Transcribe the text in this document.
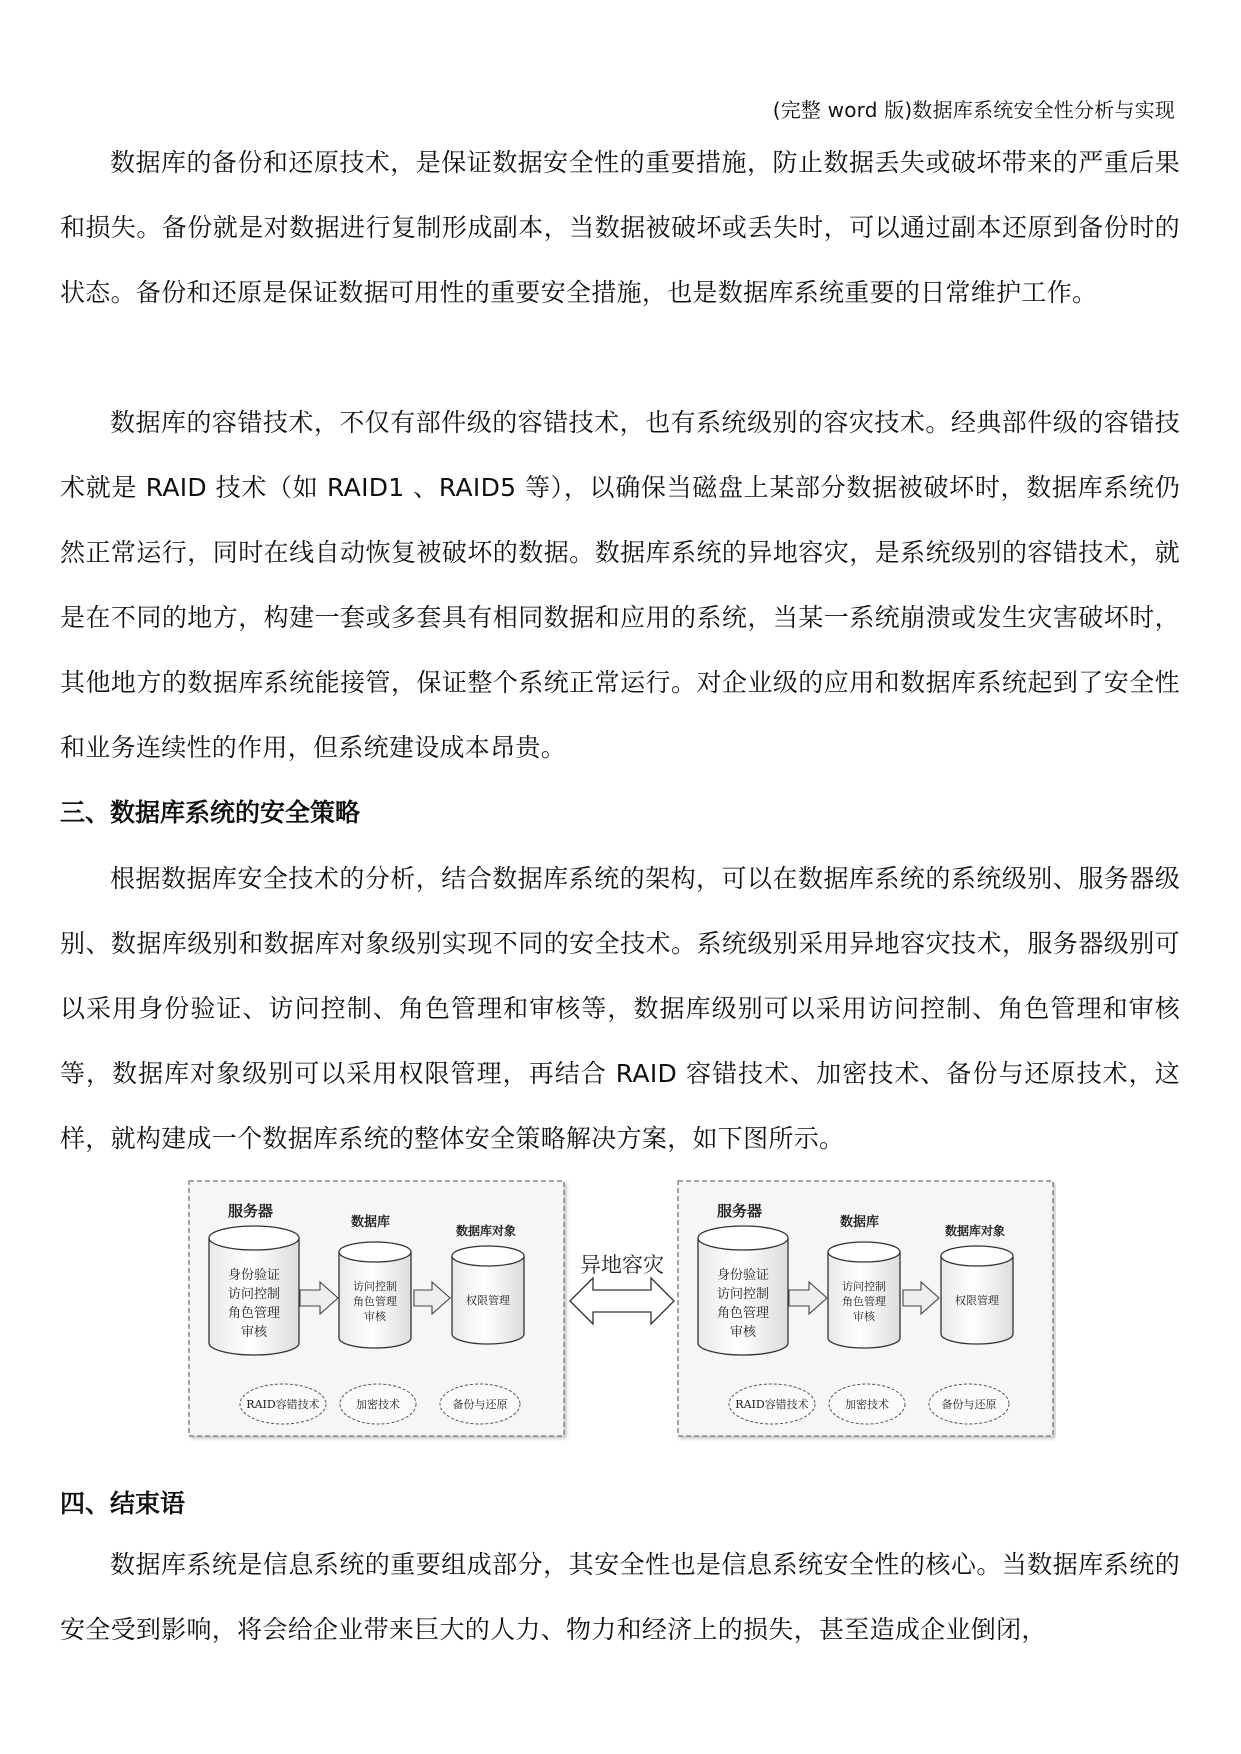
(完整 word 版)数据库系统安全性分析与实现

数据库的备份和还原技术，是保证数据安全性的重要措施，防止数据丢失或破坏带来的严重后果和损失。备份就是对数据进行复制形成副本，当数据被破坏或丢失时，可以通过副本还原到备份时的状态。备份和还原是保证数据可用性的重要安全措施，也是数据库系统重要的日常维护工作。

数据库的容错技术，不仅有部件级的容错技术，也有系统级别的容灾技术。经典部件级的容错技术就是 RAID 技术（如 RAID1 、RAID5 等），以确保当磁盘上某部分数据被破坏时，数据库系统仍然正常运行，同时在线自动恢复被破坏的数据。数据库系统的异地容灾，是系统级别的容错技术，就是在不同的地方，构建一套或多套具有相同数据和应用的系统，当某一系统崩溃或发生灾害破坏时，其他地方的数据库系统能接管，保证整个系统正常运行。对企业级的应用和数据库系统起到了安全性和业务连续性的作用，但系统建设成本昂贵。

三、数据库系统的安全策略

根据数据库安全技术的分析，结合数据库系统的架构，可以在数据库系统的系统级别、服务器级别、数据库级别和数据库对象级别实现不同的安全技术。系统级别采用异地容灾技术，服务器级别可以采用身份验证、访问控制、角色管理和审核等，数据库级别可以采用访问控制、角色管理和审核等，数据库对象级别可以采用权限管理，再结合 RAID 容错技术、加密技术、备份与还原技术，这样，就构建成一个数据库系统的整体安全策略解决方案，如下图所示。

服务器
身份验证
访问控制
角色管理
审核
数据库
访问控制
角色管理
审核
数据库对象
权限管理
RAID容错技术	加密技术	备份与还原
异地容灾
服务器
身份验证
访问控制
角色管理
审核
数据库
访问控制
角色管理
审核
数据库对象
权限管理
RAID容错技术	加密技术	备份与还原
四、结束语

数据库系统是信息系统的重要组成部分，其安全性也是信息系统安全性的核心。当数据库系统的安全受到影响，将会给企业带来巨大的人力、物力和经济上的损失，甚至造成企业倒闭，
